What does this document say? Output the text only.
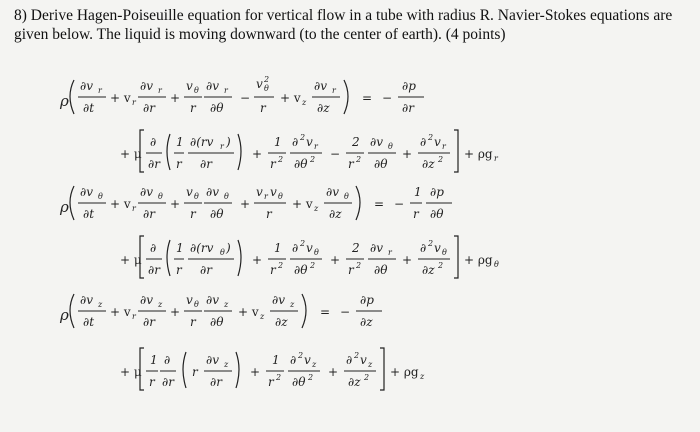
8) Derive Hagen-Poiseuille equation for vertical flow in a tube with radius R. Navier-Stokes equations are given below. The liquid is moving downward (to the center of earth). (4 points)
ρ
∂v r
∂t
+ v r
∂v r
∂r
+
v θ
r
∂v r
∂θ
−
v θ
2
r
+ v z
∂v r
∂z
= −
∂p
∂r
+ μ
∂
∂r
1
r
∂(rv r )
∂r
+
1
r 2
∂ 2 v r
∂θ 2 −
2
r 2
∂v θ
∂θ
+
∂ 2 v r
∂z 2 + ρg r
ρ
∂v θ
∂t
+ v r
∂v θ
∂r
+
v θ
r
∂v θ
∂θ
+
v r v θ
r
+ v z
∂v θ
∂z
= −
1
r
∂p
∂θ
+ μ
∂
∂r
1
r
∂(rv θ )
∂r
+
1
r 2
∂ 2 v θ
∂θ 2 +
2
r 2
∂v r
∂θ
+
∂ 2 v θ
∂z 2 + ρg θ
ρ
∂v z
∂t
+ v r
∂v z
∂r
+
v θ
r
∂v z
∂θ
+ v z
∂v z
∂z
= −
∂p
∂z
+ μ
1
r
∂
∂r
r
∂v z
∂r
+
1
r 2
∂ 2 v z
∂θ 2 +
∂ 2 v z
∂z 2 + ρg z
